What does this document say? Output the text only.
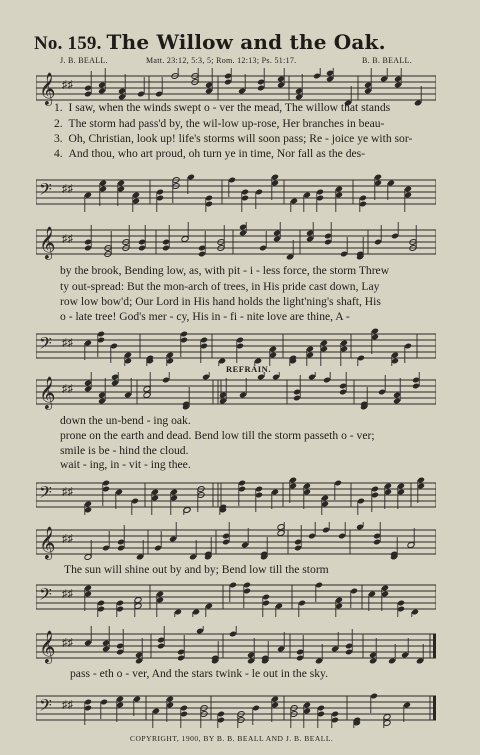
No. 159. The Willow and the Oak.
J. B. BEALL.	Matt. 23:12, 5:3, 5; Rom. 12:13; Ps. 51:17.	B. B. BEALL.
𝄞 ♯♯
1. I saw, when the winds swept o - ver the mead, The willow that stands
2. The storm had pass'd by, the wil-low up-rose, Her branches in beau-
3. Oh, Christian, look up! life's storms will soon pass; Re - joice ye with sor-
4. And thou, who art proud, oh turn ye in time, Nor fall as the des-
𝄢 ♯♯
𝄞 ♯♯
by the brook, Bending low, as, with pit - i - less force, the storm Threw
ty out-spread: But the mon-arch of trees, in His pride cast down, Lay
row low bow'd; Our Lord in His hand holds the light'ning's shaft, His
o - late tree! God's mer - cy, His in - fi - nite love are thine, A -
𝄢 ♯♯
REFRAIN.
𝄞 ♯♯
down the un-bend - ing oak.
prone on the earth and dead. Bend low till the storm passeth o - ver;
smile is be - hind the cloud.
wait - ing, in - vit - ing thee.
𝄢 ♯♯
𝄞 ♯♯
The sun will shine out by and by; Bend low till the storm
𝄢 ♯♯
𝄞 ♯♯
pass - eth o - ver, And the stars twink - le out in the sky.
𝄢 ♯♯
COPYRIGHT, 1900, BY B. B. BEALL AND J. B. BEALL.
